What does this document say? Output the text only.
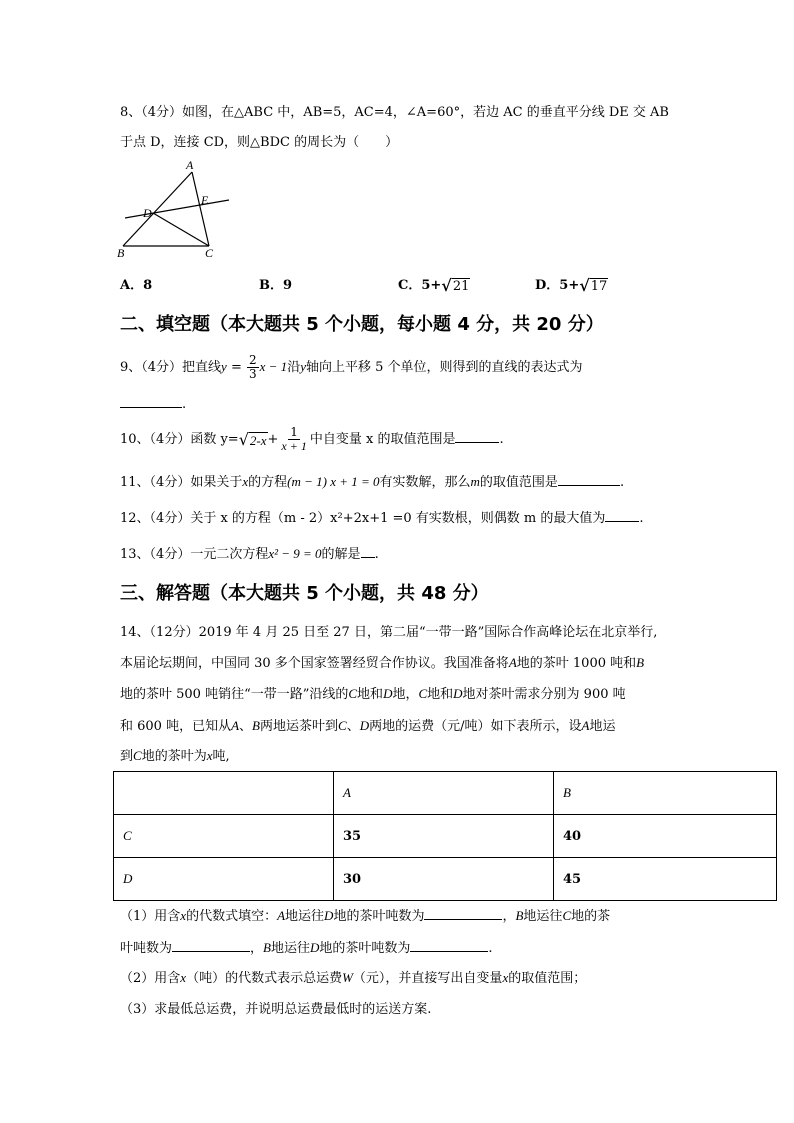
8、（4分）如图，在△ABC 中，AB=5，AC=4，∠A=60°，若边 AC 的垂直平分线 DE 交 AB
于点 D，连接 CD，则△BDC 的周长为（　　）
A
B	C
D
E
A．8	B．9	C．5+ √ 21	D．5+ √ 17
二、填空题（本大题共 5 个小题，每小题 4 分，共 20 分）
9、（4分）把直线$y = \frac{2}{3}$ x − 1沿y轴向上平移 5 个单位，则得到的直线的表达式为
.
10、（4分）函数 y= √ $2-x + \frac{1}{x + 1}$ 中自变量 x 的取值范围是	.
11、（4分）如果关于x的方程(m − 1) x + 1 = 0有实数解，那么m的取值范围是	.
12、（4分）关于 x 的方程（m - 2）x²+2x+1 =0 有实数根，则偶数 m 的最大值为	.
13、（4分）一元二次方程x² − 9 = 0的解是 .
三、解答题（本大题共 5 个小题，共 48 分）
14、（12分）2019 年 4 月 25 日至 27 日，第二届“一带一路”国际合作高峰论坛在北京举行,
本届论坛期间，中国同 30 多个国家签署经贸合作协议。我国准备将A地的茶叶 1000 吨和B
地的茶叶 500 吨销往“一带一路”沿线的C地和D地，C地和D地对茶叶需求分别为 900 吨
和 600 吨，已知从A、B两地运茶叶到C、D两地的运费（元/吨）如下表所示，设A地运
到C地的茶叶为x吨,
	A	B
C	35	40
D	30	45
（1）用含x的代数式填空：A地运往D地的茶叶吨数为	，B地运往C地的茶
叶吨数为	，B地运往D地的茶叶吨数为	.
（2）用含x（吨）的代数式表示总运费W（元），并直接写出自变量x的取值范围；
（3）求最低总运费，并说明总运费最低时的运送方案.
